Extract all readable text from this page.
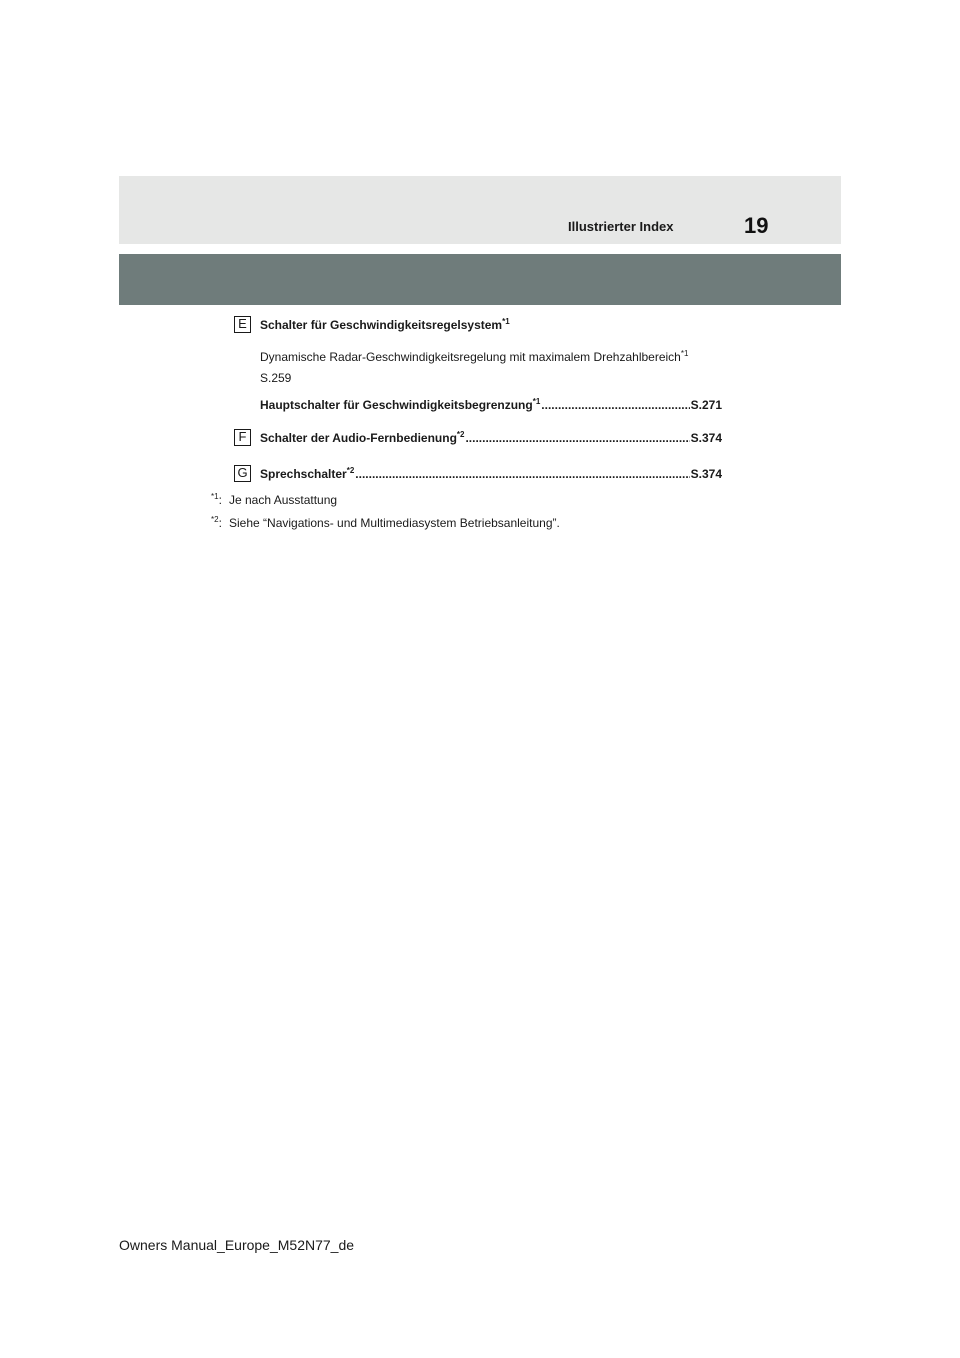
Illustrierter Index	19
E	Schalter für Geschwindigkeitsregelsystem$^{*1}$
Dynamische Radar-Geschwindigkeitsregelung mit maximalem Drehzahlbereich$^{*1}$
S.259
Hauptschalter für Geschwindigkeitsbegrenzung$^{*1}$ .....	S.271
F	Schalter der Audio-Fernbedienung$^{*2}$ .....	S.374
G Sprechschalter$^{*2}$ .....	S.374
$^{*1}$: Je nach Ausstattung
$^{*2}$: Siehe “Navigations- und Multimediasystem Betriebsanleitung”.
Owners Manual_Europe_M52N77_de
